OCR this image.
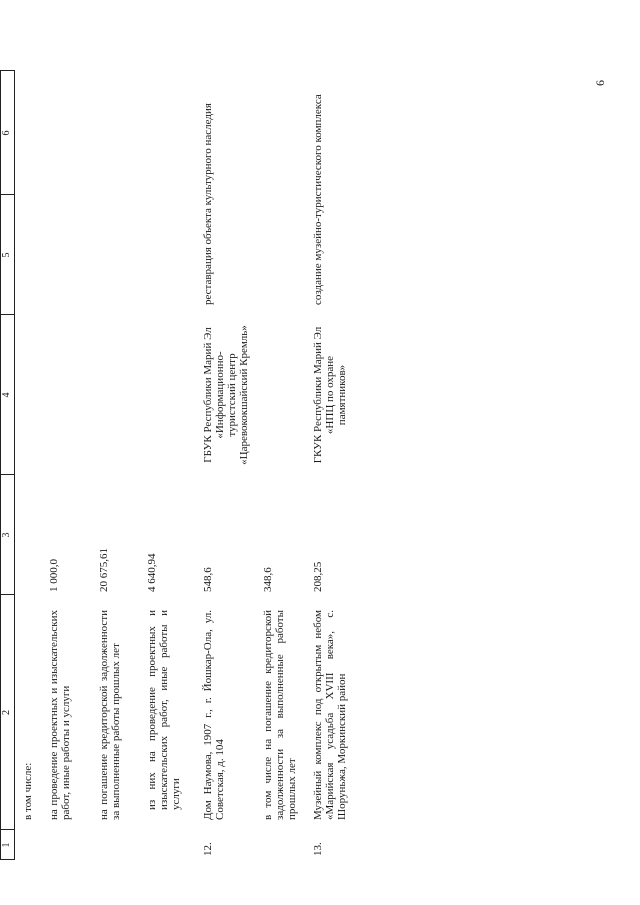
6
1
2
3
4
5
6
в том числе: на проведение проектных и изыскательских работ, иные работы и услуги
1 000,0
на погашение кредиторской задолженности за выполненные работы прошлых лет
20 675,61
из них на проведение проектных и изыскательских работ, иные работы и услуги
4 640,94
12.
Дом Наумова, 1907 г., г. Йошкар-Ола, ул. Советская, д. 104
548,6
ГБУК Республики Марий Эл «Информационно-туристский центр «Царевококшайский Кремль»
реставрация объекта культурного наследия
в том числе на погашение кредиторской задолженности за выполненные работы прошлых лет
348,6
13.
Музейный комплекс под открытым небом «Марийская усадьба XVIII века», с. Шоруньжа, Моркинский район
208,25
ГКУК Республики Марий Эл «НПЦ по охране памятников»
создание музейно-туристического комплекса
